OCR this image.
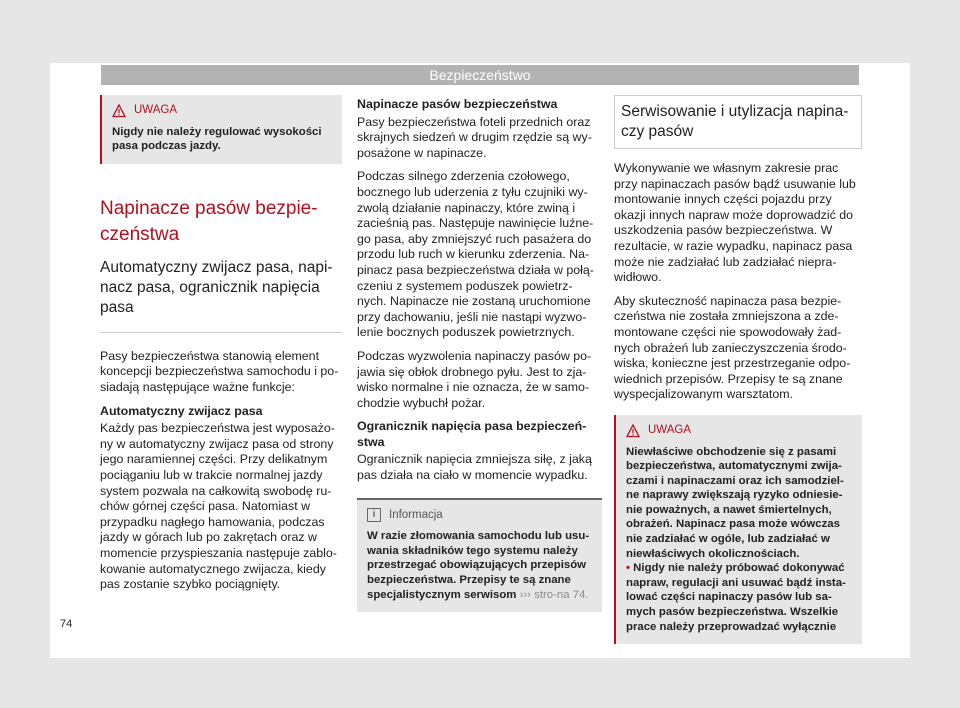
Bezpieczeństwo
UWAGA
Nigdy nie należy regulować wysokości pasa podczas jazdy.
Napinacze pasów bezpie-czeństwa
Automatyczny zwijacz pasa, napi-nacz pasa, ogranicznik napięcia pasa

Pasy bezpieczeństwa stanowią element koncepcji bezpieczeństwa samochodu i po-siadają następujące ważne funkcje:

Automatyczny zwijacz pasa

Każdy pas bezpieczeństwa jest wyposażo-ny w automatyczny zwijacz pasa od strony jego naramiennej części. Przy delikatnym pociąganiu lub w trakcie normalnej jazdy system pozwala na całkowitą swobodę ru-chów górnej części pasa. Natomiast w przypadku nagłego hamowania, podczas jazdy w górach lub po zakrętach oraz w momencie przyspieszania następuje zablo-kowanie automatycznego zwijacza, kiedy pas zostanie szybko pociągnięty.

Napinacze pasów bezpieczeństwa

Pasy bezpieczeństwa foteli przednich oraz skrajnych siedzeń w drugim rzędzie są wy-posażone w napinacze.

Podczas silnego zderzenia czołowego, bocznego lub uderzenia z tyłu czujniki wy-zwolą działanie napinaczy, które zwiną i zacieśnią pas. Następuje nawinięcie luźne-go pasa, aby zmniejszyć ruch pasażera do przodu lub ruch w kierunku zderzenia. Na-pinacz pasa bezpieczeństwa działa w połą-czeniu z systemem poduszek powietrz-nych. Napinacze nie zostaną uruchomione przy dachowaniu, jeśli nie nastąpi wyzwo-lenie bocznych poduszek powietrznych.

Podczas wyzwolenia napinaczy pasów po-jawia się obłok drobnego pyłu. Jest to zja-wisko normalne i nie oznacza, że w samo-chodzie wybuchł pożar.

Ogranicznik napięcia pasa bezpieczeń-stwa

Ogranicznik napięcia zmniejsza siłę, z jaką pas działa na ciało w momencie wypadku.

i	Informacja
W razie złomowania samochodu lub usu-wania składników tego systemu należy przestrzegać obowiązujących przepisów bezpieczeństwa. Przepisy te są znane specjalistycznym serwisom ››› stro-na 74.
Serwisowanie i utylizacja napina-czy pasów

Wykonywanie we własnym zakresie prac przy napinaczach pasów bądź usuwanie lub montowanie innych części pojazdu przy okazji innych napraw może doprowadzić do uszkodzenia pasów bezpieczeństwa. W rezultacie, w razie wypadku, napinacz pasa może nie zadziałać lub zadziałać niepra-widłowo.

Aby skuteczność napinacza pasa bezpie-czeństwa nie została zmniejszona a zde-montowane części nie spowodowały żad-nych obrażeń lub zanieczyszczenia środo-wiska, konieczne jest przestrzeganie odpo-wiednich przepisów. Przepisy te są znane wyspecjalizowanym warsztatom.

UWAGA
Niewłaściwe obchodzenie się z pasami bezpieczeństwa, automatycznymi zwija-czami i napinaczami oraz ich samodziel-ne naprawy zwiększają ryzyko odniesie-nie poważnych, a nawet śmiertelnych, obrażeń. Napinacz pasa może wówczas nie zadziałać w ogóle, lub zadziałać w niewłaściwych okolicznościach.
• Nigdy nie należy próbować dokonywać napraw, regulacji ani usuwać bądź insta-lować części napinaczy pasów lub sa-mych pasów bezpieczeństwa. Wszelkie prace należy przeprowadzać wyłącznie
74
